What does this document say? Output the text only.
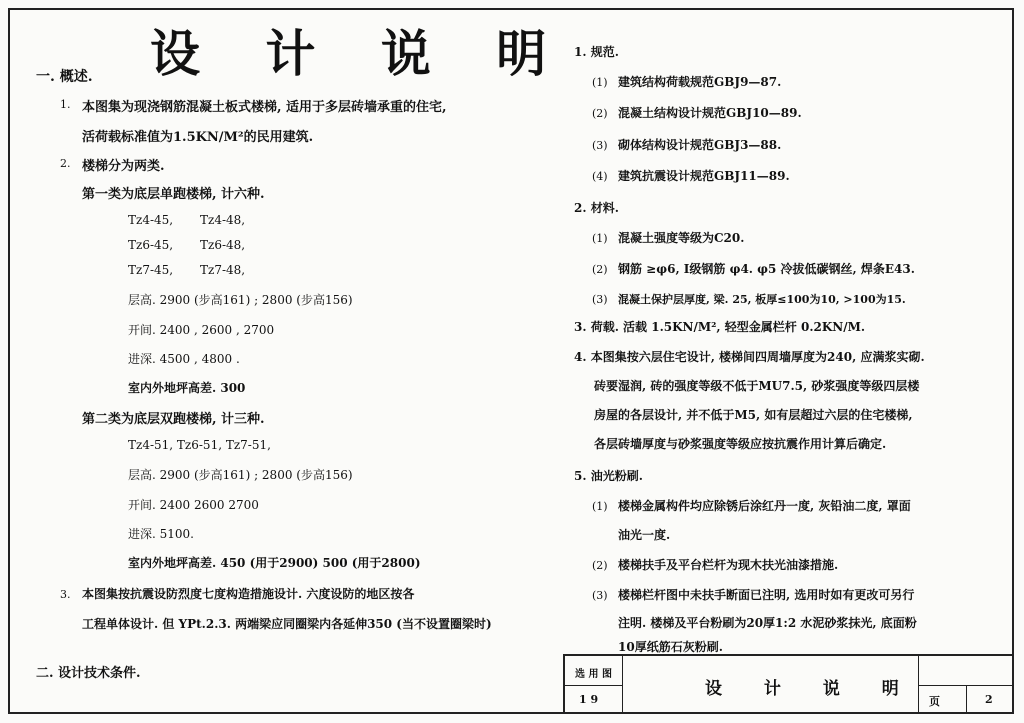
设 计 说 明
一. 概述.
1. 本图集为现浇钢筋混凝土板式楼梯, 适用于多层砖墙承重的住宅,
活荷载标准值为1.5KN/M²的民用建筑.
2. 楼梯分为两类.
第一类为底层单跑楼梯, 计六种.
Tz4-45, Tz4-48,
Tz6-45, Tz6-48,
Tz7-45, Tz7-48,
层高. 2900 (步高161) ; 2800 (步高156)
开间. 2400 , 2600 , 2700
进深. 4500 , 4800 .
室内外地坪高差. 300
第二类为底层双跑楼梯, 计三种.
Tz4-51, Tz6-51, Tz7-51,
层高. 2900 (步高161) ; 2800 (步高156)
开间. 2400 2600 2700
进深. 5100.
室内外地坪高差. 450 (用于2900) 500 (用于2800)
3. 本图集按抗震设防烈度七度构造措施设计. 六度设防的地区按各
工程单体设计. 但 YPt.2.3. 两端梁应同圈梁内各延伸350 (当不设置圈梁时)
二. 设计技术条件.
1. 规范.
(1) 建筑结构荷载规范GBJ9—87.
(2) 混凝土结构设计规范GBJ10—89.
(3) 砌体结构设计规范GBJ3—88.
(4) 建筑抗震设计规范GBJ11—89.
2. 材料.
(1) 混凝土强度等级为C20.
(2) 钢筋 ≥φ6, Ⅰ级钢筋 φ4. φ5 冷拔低碳钢丝, 焊条E43.
(3) 混凝土保护层厚度, 梁. 25, 板厚≤100为10, >100为15.
3. 荷载. 活载 1.5KN/M², 轻型金属栏杆 0.2KN/M.
4. 本图集按六层住宅设计, 楼梯间四周墙厚度为240, 应满浆实砌.
砖要湿润, 砖的强度等级不低于MU7.5, 砂浆强度等级四层楼
房屋的各层设计, 并不低于M5, 如有层超过六层的住宅楼梯,
各层砖墙厚度与砂浆强度等级应按抗震作用计算后确定.
5. 油光粉刷.
(1) 楼梯金属构件均应除锈后涂红丹一度, 灰铅油二度, 罩面
油光一度.
(2) 楼梯扶手及平台栏杆为现木扶光油漆措施.
(3) 楼梯栏杆图中未扶手断面已注明, 选用时如有更改可另行
注明. 楼梯及平台粉刷为20厚1:2 水泥砂浆抹光, 底面粉
10厚纸筋石灰粉刷.
选 用 图
1 9
设 计 说 明
页	2
